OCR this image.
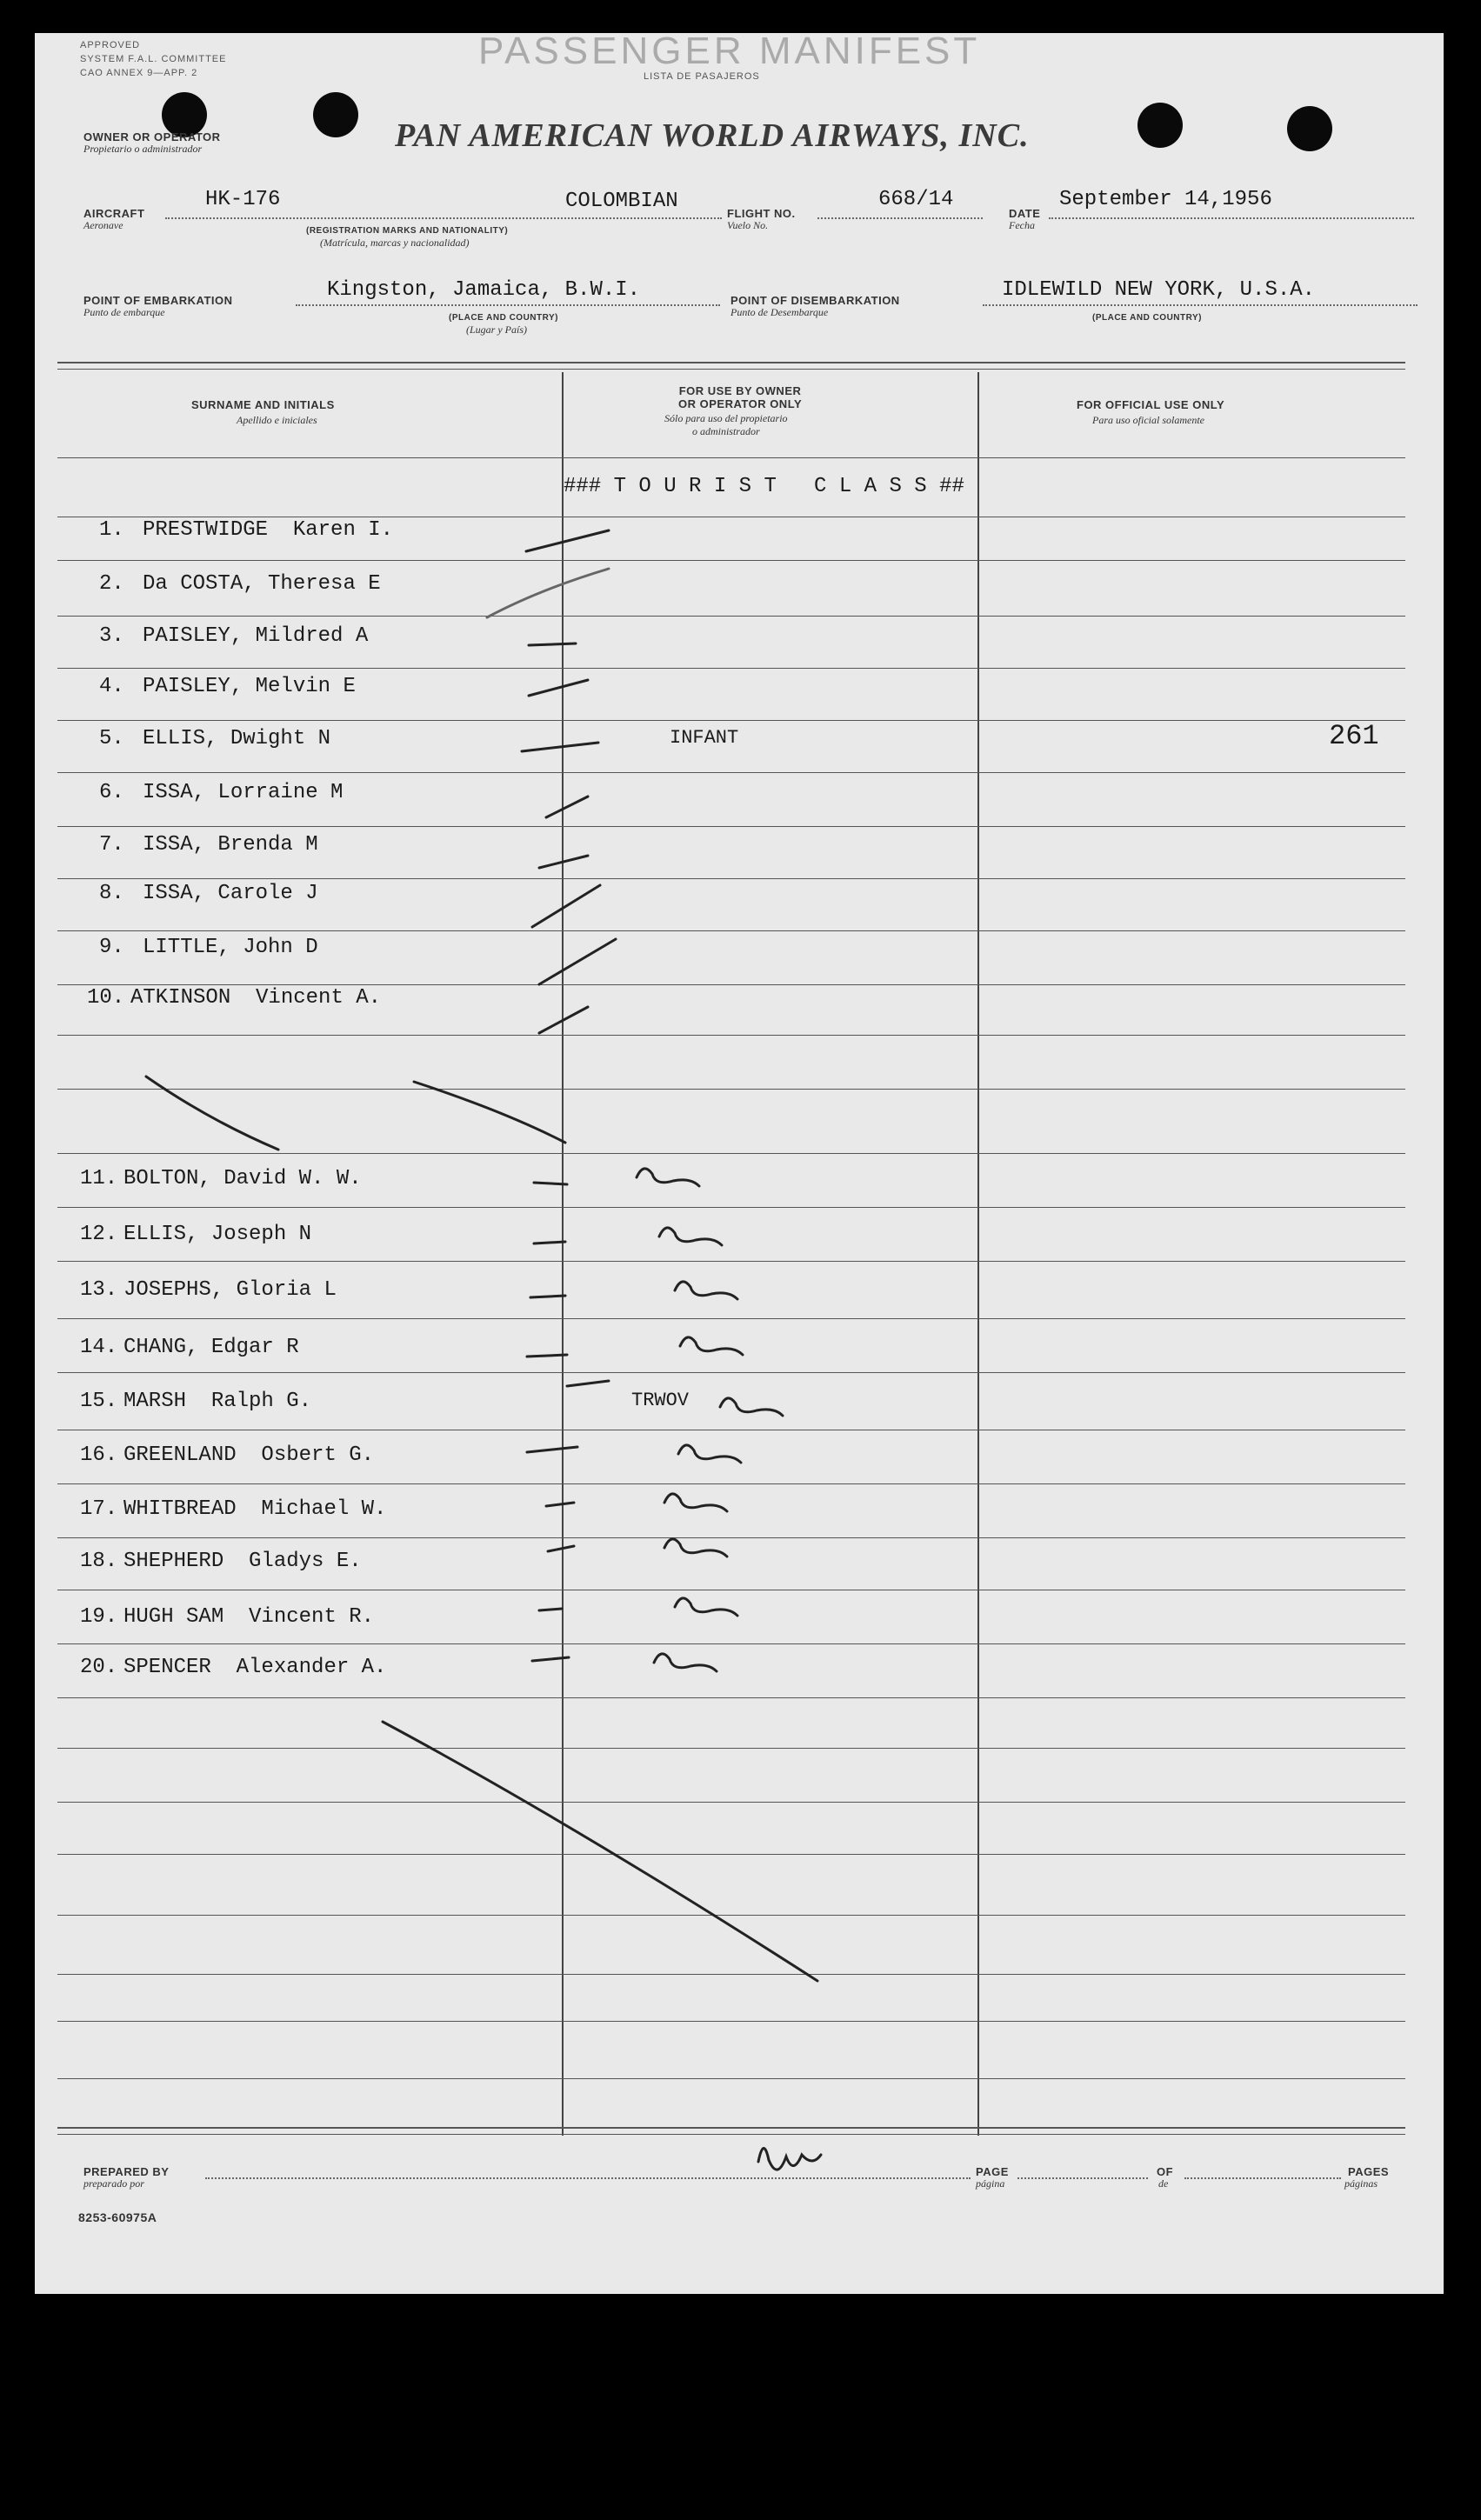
APPROVED
SYSTEM F.A.L. COMMITTEE
CAO ANNEX 9—APP. 2
PASSENGER MANIFEST
LISTA DE PASAJEROS
OWNER OR OPERATOR
Propietario o administrador	PAN AMERICAN WORLD AIRWAYS, INC.
AIRCRAFT
Aeronave
HK-176	COLOMBIAN
(REGISTRATION MARKS AND NATIONALITY)
(Matrícula, marcas y nacionalidad)
FLIGHT NO.
Vuelo No.
668/14
DATE
Fecha
September 14,1956
POINT OF EMBARKATION
Punto de embarque
Kingston, Jamaica, B.W.I.
(PLACE AND COUNTRY)
(Lugar y País)
POINT OF DISEMBARKATION
Punto de Desembarque
IDLEWILD NEW YORK, U.S.A.
(PLACE AND COUNTRY)
SURNAME AND INITIALS
Apellido e iniciales
FOR USE BY OWNER
OR OPERATOR ONLY
Sólo para uso del propietario
o administrador
FOR OFFICIAL USE ONLY
Para uso oficial solamente
### T O U R I S T   C L A S S ##
1. PRESTWIDGE  Karen I.
2. Da COSTA, Theresa E
3. PAISLEY, Mildred A
4. PAISLEY, Melvin E
5. ELLIS, Dwight N	INFANT	261
6. ISSA, Lorraine M
7. ISSA, Brenda M
8. ISSA, Carole J
9. LITTLE, John D
10. ATKINSON  Vincent A.
11. BOLTON, David W. W.
12. ELLIS, Joseph N
13. JOSEPHS, Gloria L
14. CHANG, Edgar R
15. MARSH  Ralph G.	TRWOV
16. GREENLAND  Osbert G.
17. WHITBREAD  Michael W.
18. SHEPHERD  Gladys E.
19. HUGH SAM  Vincent R.
20. SPENCER  Alexander A.
PREPARED BY
preparado por
PAGE
página
OF
de
PAGES
páginas
8253-60975A
